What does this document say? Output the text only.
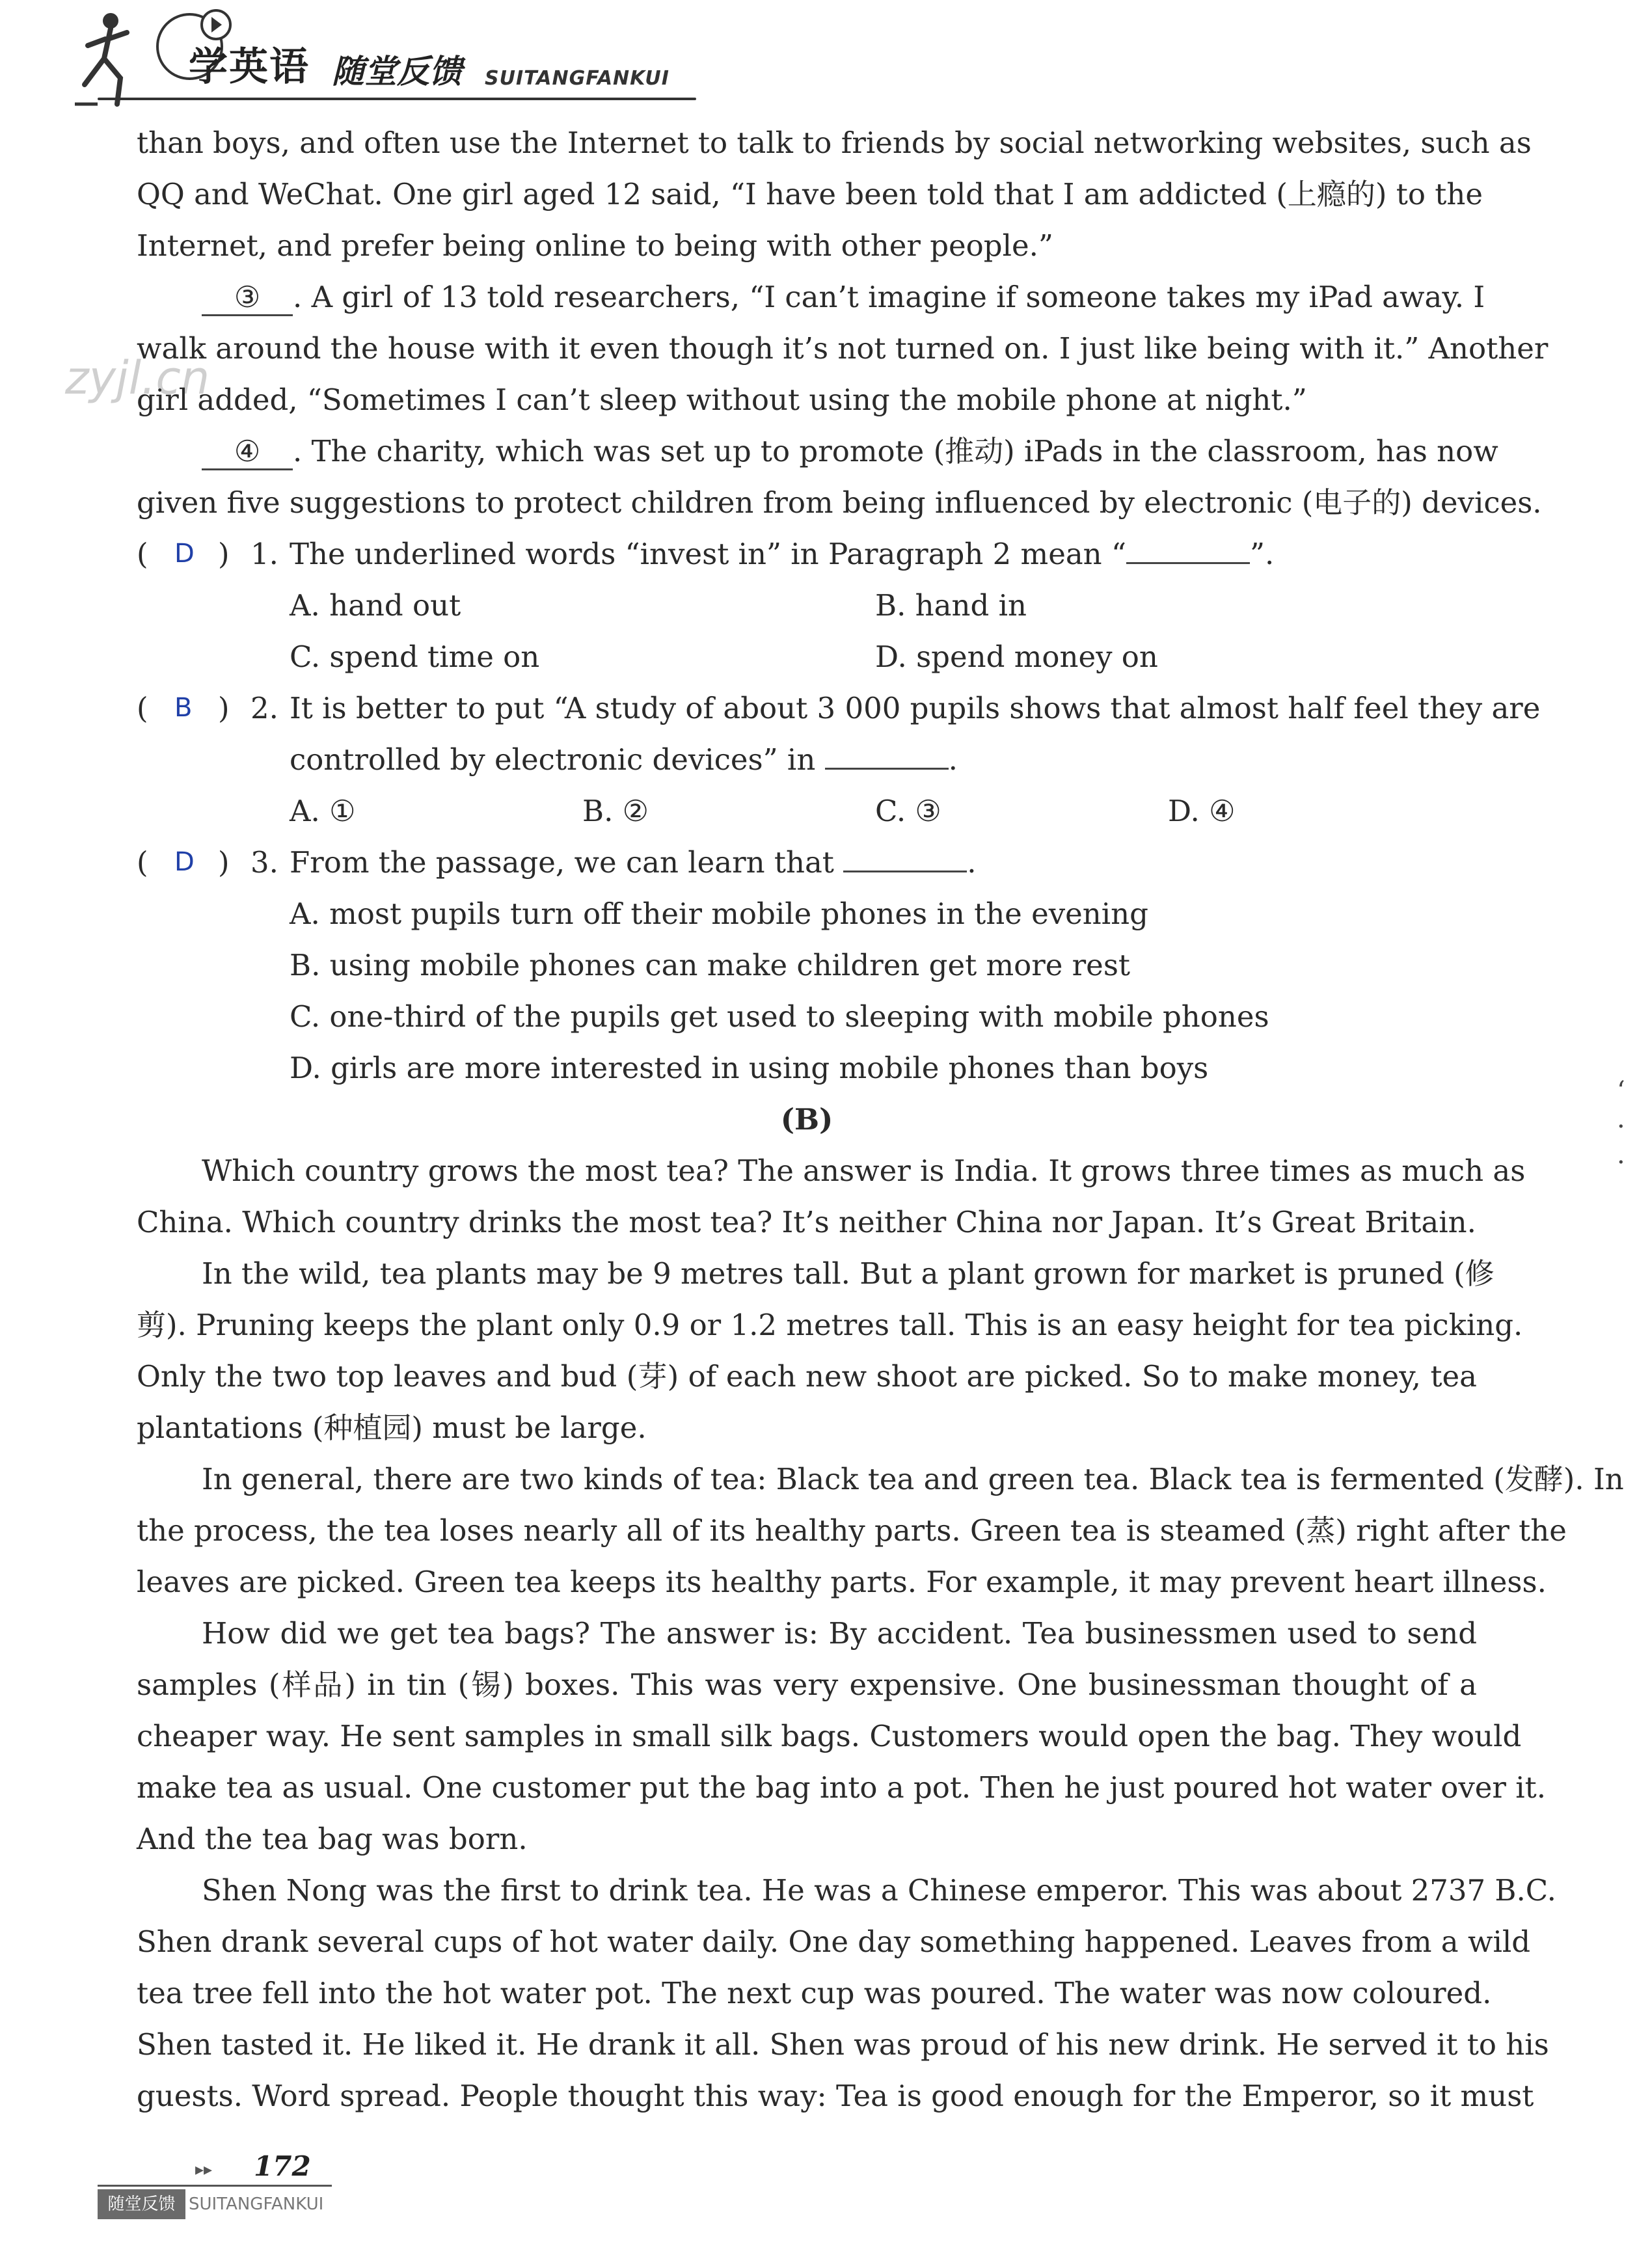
学英语 随堂反馈 SUITANGFANKUI
zyjl.cn
than boys, and often use the Internet to talk to friends by social networking websites, such as
QQ and WeChat. One girl aged 12 said, “I have been told that I am addicted (上瘾的) to the
Internet, and prefer being online to being with other people.”
③ . A girl of 13 told researchers, “I can’t imagine if someone takes my iPad away. I
walk around the house with it even though it’s not turned on. I just like being with it.” Another
girl added, “Sometimes I can’t sleep without using the mobile phone at night.”
④ . The charity, which was set up to promote (推动) iPads in the classroom, has now
given five suggestions to protect children from being influenced by electronic (电子的) devices.
( D ) 1. The underlined words “invest in” in Paragraph 2 mean “	”.
A. hand out	B. hand in
C. spend time on	D. spend money on
( B ) 2. It is better to put “A study of about 3 000 pupils shows that almost half feel they are
controlled by electronic devices” in	.
A. ①	B. ②	C. ③	D. ④
( D ) 3. From the passage, we can learn that	.
A. most pupils turn off their mobile phones in the evening
B. using mobile phones can make children get more rest
C. one-third of the pupils get used to sleeping with mobile phones
D. girls are more interested in using mobile phones than boys
(B)
Which country grows the most tea? The answer is India. It grows three times as much as
China. Which country drinks the most tea? It’s neither China nor Japan. It’s Great Britain.
In the wild, tea plants may be 9 metres tall. But a plant grown for market is pruned (修
剪). Pruning keeps the plant only 0.9 or 1.2 metres tall. This is an easy height for tea picking.
Only the two top leaves and bud (芽) of each new shoot are picked. So to make money, tea
plantations (种植园) must be large.
In general, there are two kinds of tea: Black tea and green tea. Black tea is fermented (发酵). In
the process, the tea loses nearly all of its healthy parts. Green tea is steamed (蒸) right after the
leaves are picked. Green tea keeps its healthy parts. For example, it may prevent heart illness.
How did we get tea bags? The answer is: By accident. Tea businessmen used to send
samples (样品) in tin (锡) boxes. This was very expensive. One businessman thought of a
cheaper way. He sent samples in small silk bags. Customers would open the bag. They would
make tea as usual. One customer put the bag into a pot. Then he just poured hot water over it.
And the tea bag was born.
Shen Nong was the first to drink tea. He was a Chinese emperor. This was about 2737 B.C.
Shen drank several cups of hot water daily. One day something happened. Leaves from a wild
tea tree fell into the hot water pot. The next cup was poured. The water was now coloured.
Shen tasted it. He liked it. He drank it all. Shen was proud of his new drink. He served it to his
guests. Word spread. People thought this way: Tea is good enough for the Emperor, so it must
‘
·
·
▸▸ 172
随堂反馈 SUITANGFANKUI
